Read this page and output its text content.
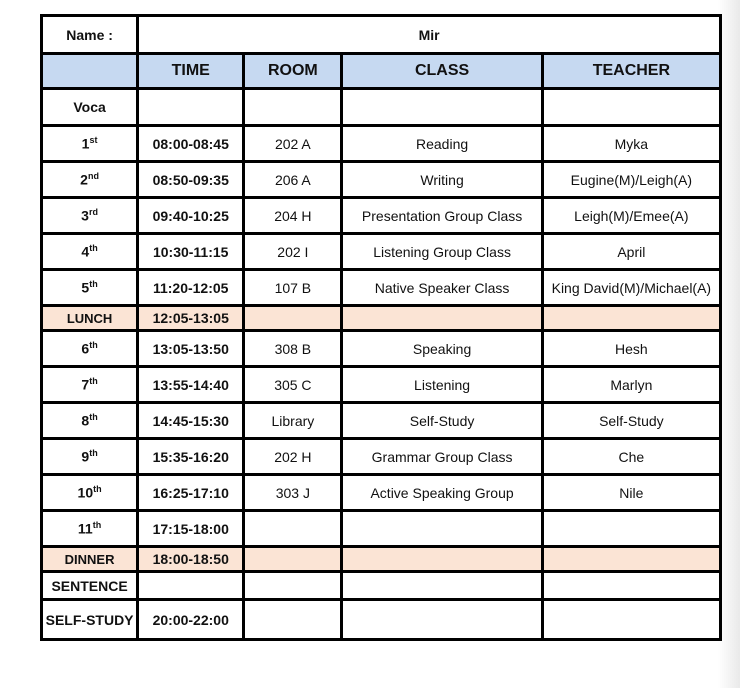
Name :	Mir			
	TIME	ROOM	CLASS	TEACHER
Voca				
1st	08:00-08:45	202 A	Reading	Myka
2nd	08:50-09:35	206 A	Writing	Eugine(M)/Leigh(A)
3rd	09:40-10:25	204 H	Presentation Group Class	Leigh(M)/Emee(A)
4th	10:30-11:15	202 I	Listening Group Class	April
5th	11:20-12:05	107 B	Native Speaker Class	King David(M)/Michael(A)
LUNCH	12:05-13:05			
6th	13:05-13:50	308 B	Speaking	Hesh
7th	13:55-14:40	305 C	Listening	Marlyn
8th	14:45-15:30	Library	Self-Study	Self-Study
9th	15:35-16:20	202 H	Grammar Group Class	Che
10th	16:25-17:10	303 J	Active Speaking Group	Nile
11th	17:15-18:00			
DINNER	18:00-18:50			
SENTENCE				
SELF-STUDY	20:00-22:00			
